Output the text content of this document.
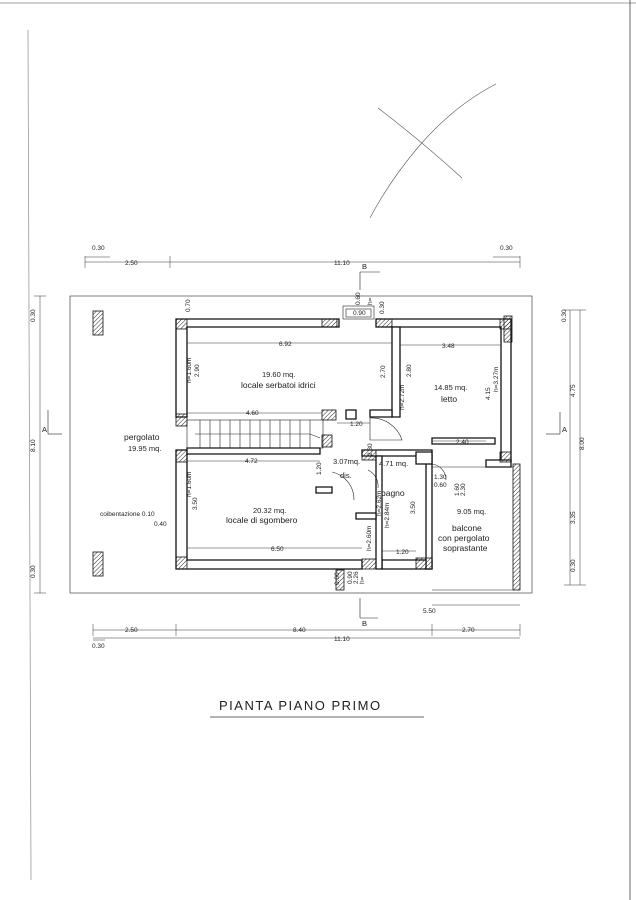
0.30
2.50	11.10
0.30
B
0.90
0.70	0.30
0.60 h=
6.92
19.60 mq.
locale serbatoi idrici
h=1.60m 2.90	2.70
3.48
2.80
h=2.72m	14.85 mq.
letto	4.15
h=3.27m
4.60
1.20
2.30
2.40
pergolato
19.95 mq.
coibentazione 0.10
0.40
4.72
h=1.60m
3.50
20.32 mq.
locale di sgombero
6.50
3.07mq.
dis.
1.20	4.71 mq.
bagno
h=2.62m h=2.84m	3.50
h=2.60m
1.20
1.30
0.60 1.60 2.30
9.05 mq.
balcone
con pergolato
soprastante
0.60 0.90 2.26 h=
5.50
B
2.50	8.40	2.70
11.10
0.30
0.30
8.10
0.30
A
0.30
4.75
8.00
3.35
0.30
A
PIANTA PIANO PRIMO
